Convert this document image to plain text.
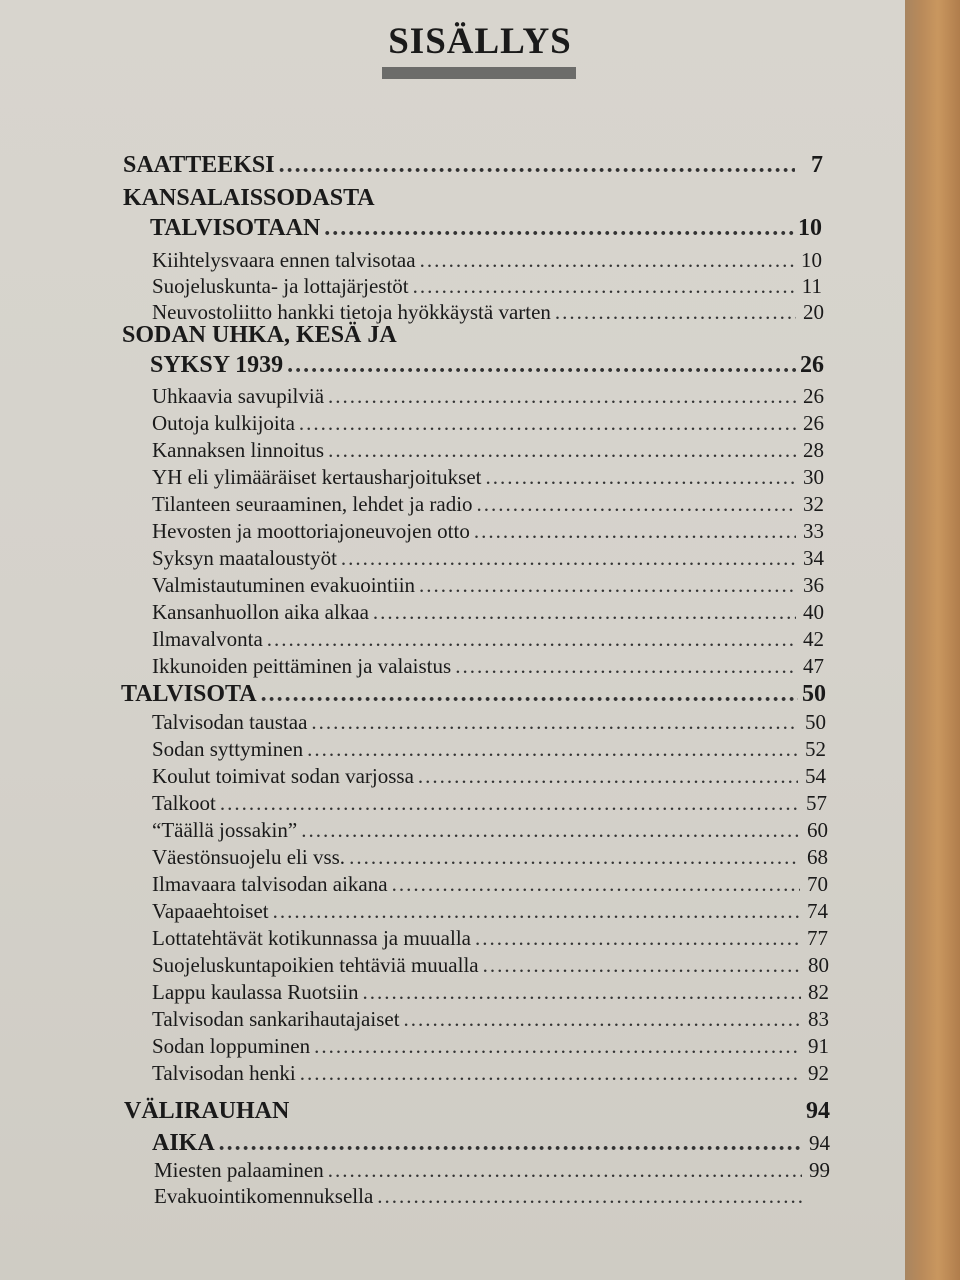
SISÄLLYS
SAATTEEKSI .....	7
KANSALAISSODASTA
TALVISOTAAN .....	10
Kiihtelysvaara ennen talvisotaa .....	10
Suojeluskunta- ja lottajärjestöt .....	11
Neuvostoliitto hankki tietoja hyökkäystä varten .....	20
SODAN UHKA, KESÄ JA
SYKSY 1939 .....	26
Uhkaavia savupilviä .....	26
Outoja kulkijoita .....	26
Kannaksen linnoitus .....	28
YH eli ylimääräiset kertausharjoitukset .....	30
Tilanteen seuraaminen, lehdet ja radio .....	32
Hevosten ja moottoriajoneuvojen otto .....	33
Syksyn maataloustyöt .....	34
Valmistautuminen evakuointiin .....	36
Kansanhuollon aika alkaa .....	40
Ilmavalvonta .....	42
Ikkunoiden peittäminen ja valaistus .....	47
TALVISOTA .....	50
Talvisodan taustaa .....	50
Sodan syttyminen .....	52
Koulut toimivat sodan varjossa .....	54
Talkoot .....	57
“Täällä jossakin” .....	60
Väestönsuojelu eli vss. .....	68
Ilmavaara talvisodan aikana .....	70
Vapaaehtoiset .....	74
Lottatehtävät kotikunnassa ja muualla .....	77
Suojeluskuntapoikien tehtäviä muualla .....	80
Lappu kaulassa Ruotsiin .....	82
Talvisodan sankarihautajaiset .....	83
Sodan loppuminen .....	91
Talvisodan henki .....	92
VÄLIRAUHAN	94
AIKA .....	94
Miesten palaaminen .....	99
Evakuointikomennuksella
.....
